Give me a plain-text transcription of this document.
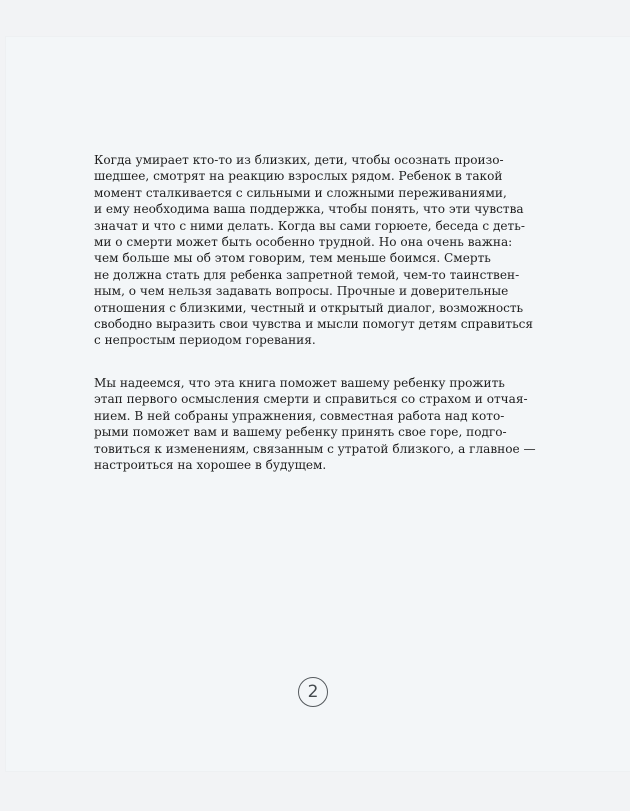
Когда умирает кто-то из близких, дети, чтобы осознать произо-
шедшее, смотрят на реакцию взрослых рядом. Ребенок в такой
момент сталкивается с сильными и сложными переживаниями,
и ему необходима ваша поддержка, чтобы понять, что эти чувства
значат и что с ними делать. Когда вы сами горюете, беседа с деть-
ми о смерти может быть особенно трудной. Но она очень важна:
чем больше мы об этом говорим, тем меньше боимся. Смерть
не должна стать для ребенка запретной темой, чем-то таинствен-
ным, о чем нельзя задавать вопросы. Прочные и доверительные
отношения с близкими, честный и открытый диалог, возможность
свободно выразить свои чувства и мысли помогут детям справиться
с непростым периодом горевания.

Мы надеемся, что эта книга поможет вашему ребенку прожить
этап первого осмысления смерти и справиться со страхом и отчая-
нием. В ней собраны упражнения, совместная работа над кото-
рыми поможет вам и вашему ребенку принять свое горе, подго-
товиться к изменениям, связанным с утратой близкого, а главное —
настроиться на хорошее в будущем.

2
